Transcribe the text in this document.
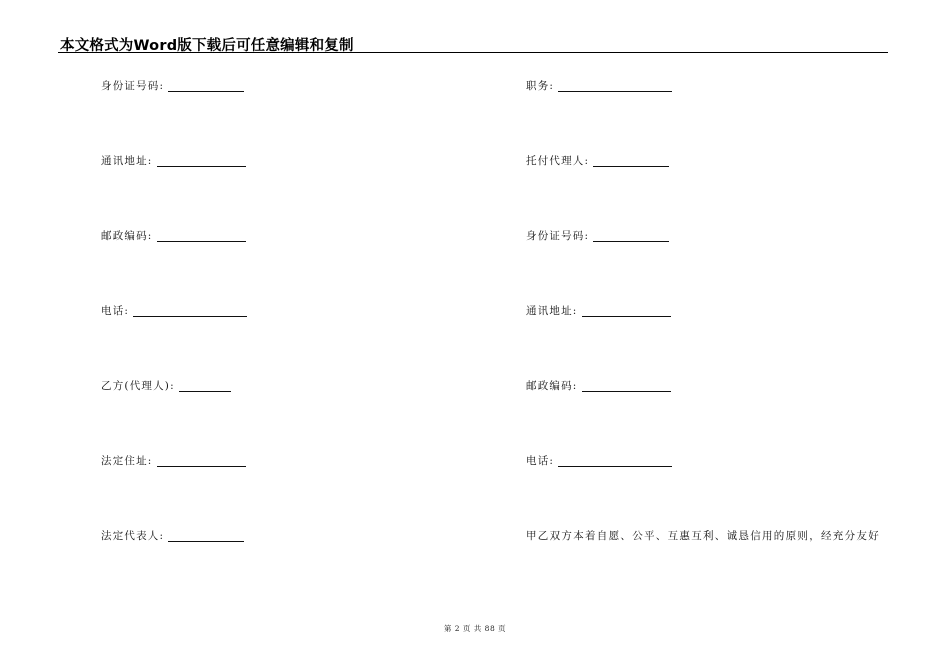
本文格式为Word版下载后可任意编辑和复制
身份证号码:
通讯地址:
邮政编码:
电话:
乙方(代理人):
法定住址:
法定代表人:
职务:
托付代理人:
身份证号码:
通讯地址:
邮政编码:
电话:
甲乙双方本着自愿、公平、互惠互利、诚恳信用的原则，经充分友好
第 2 页 共 88 页
